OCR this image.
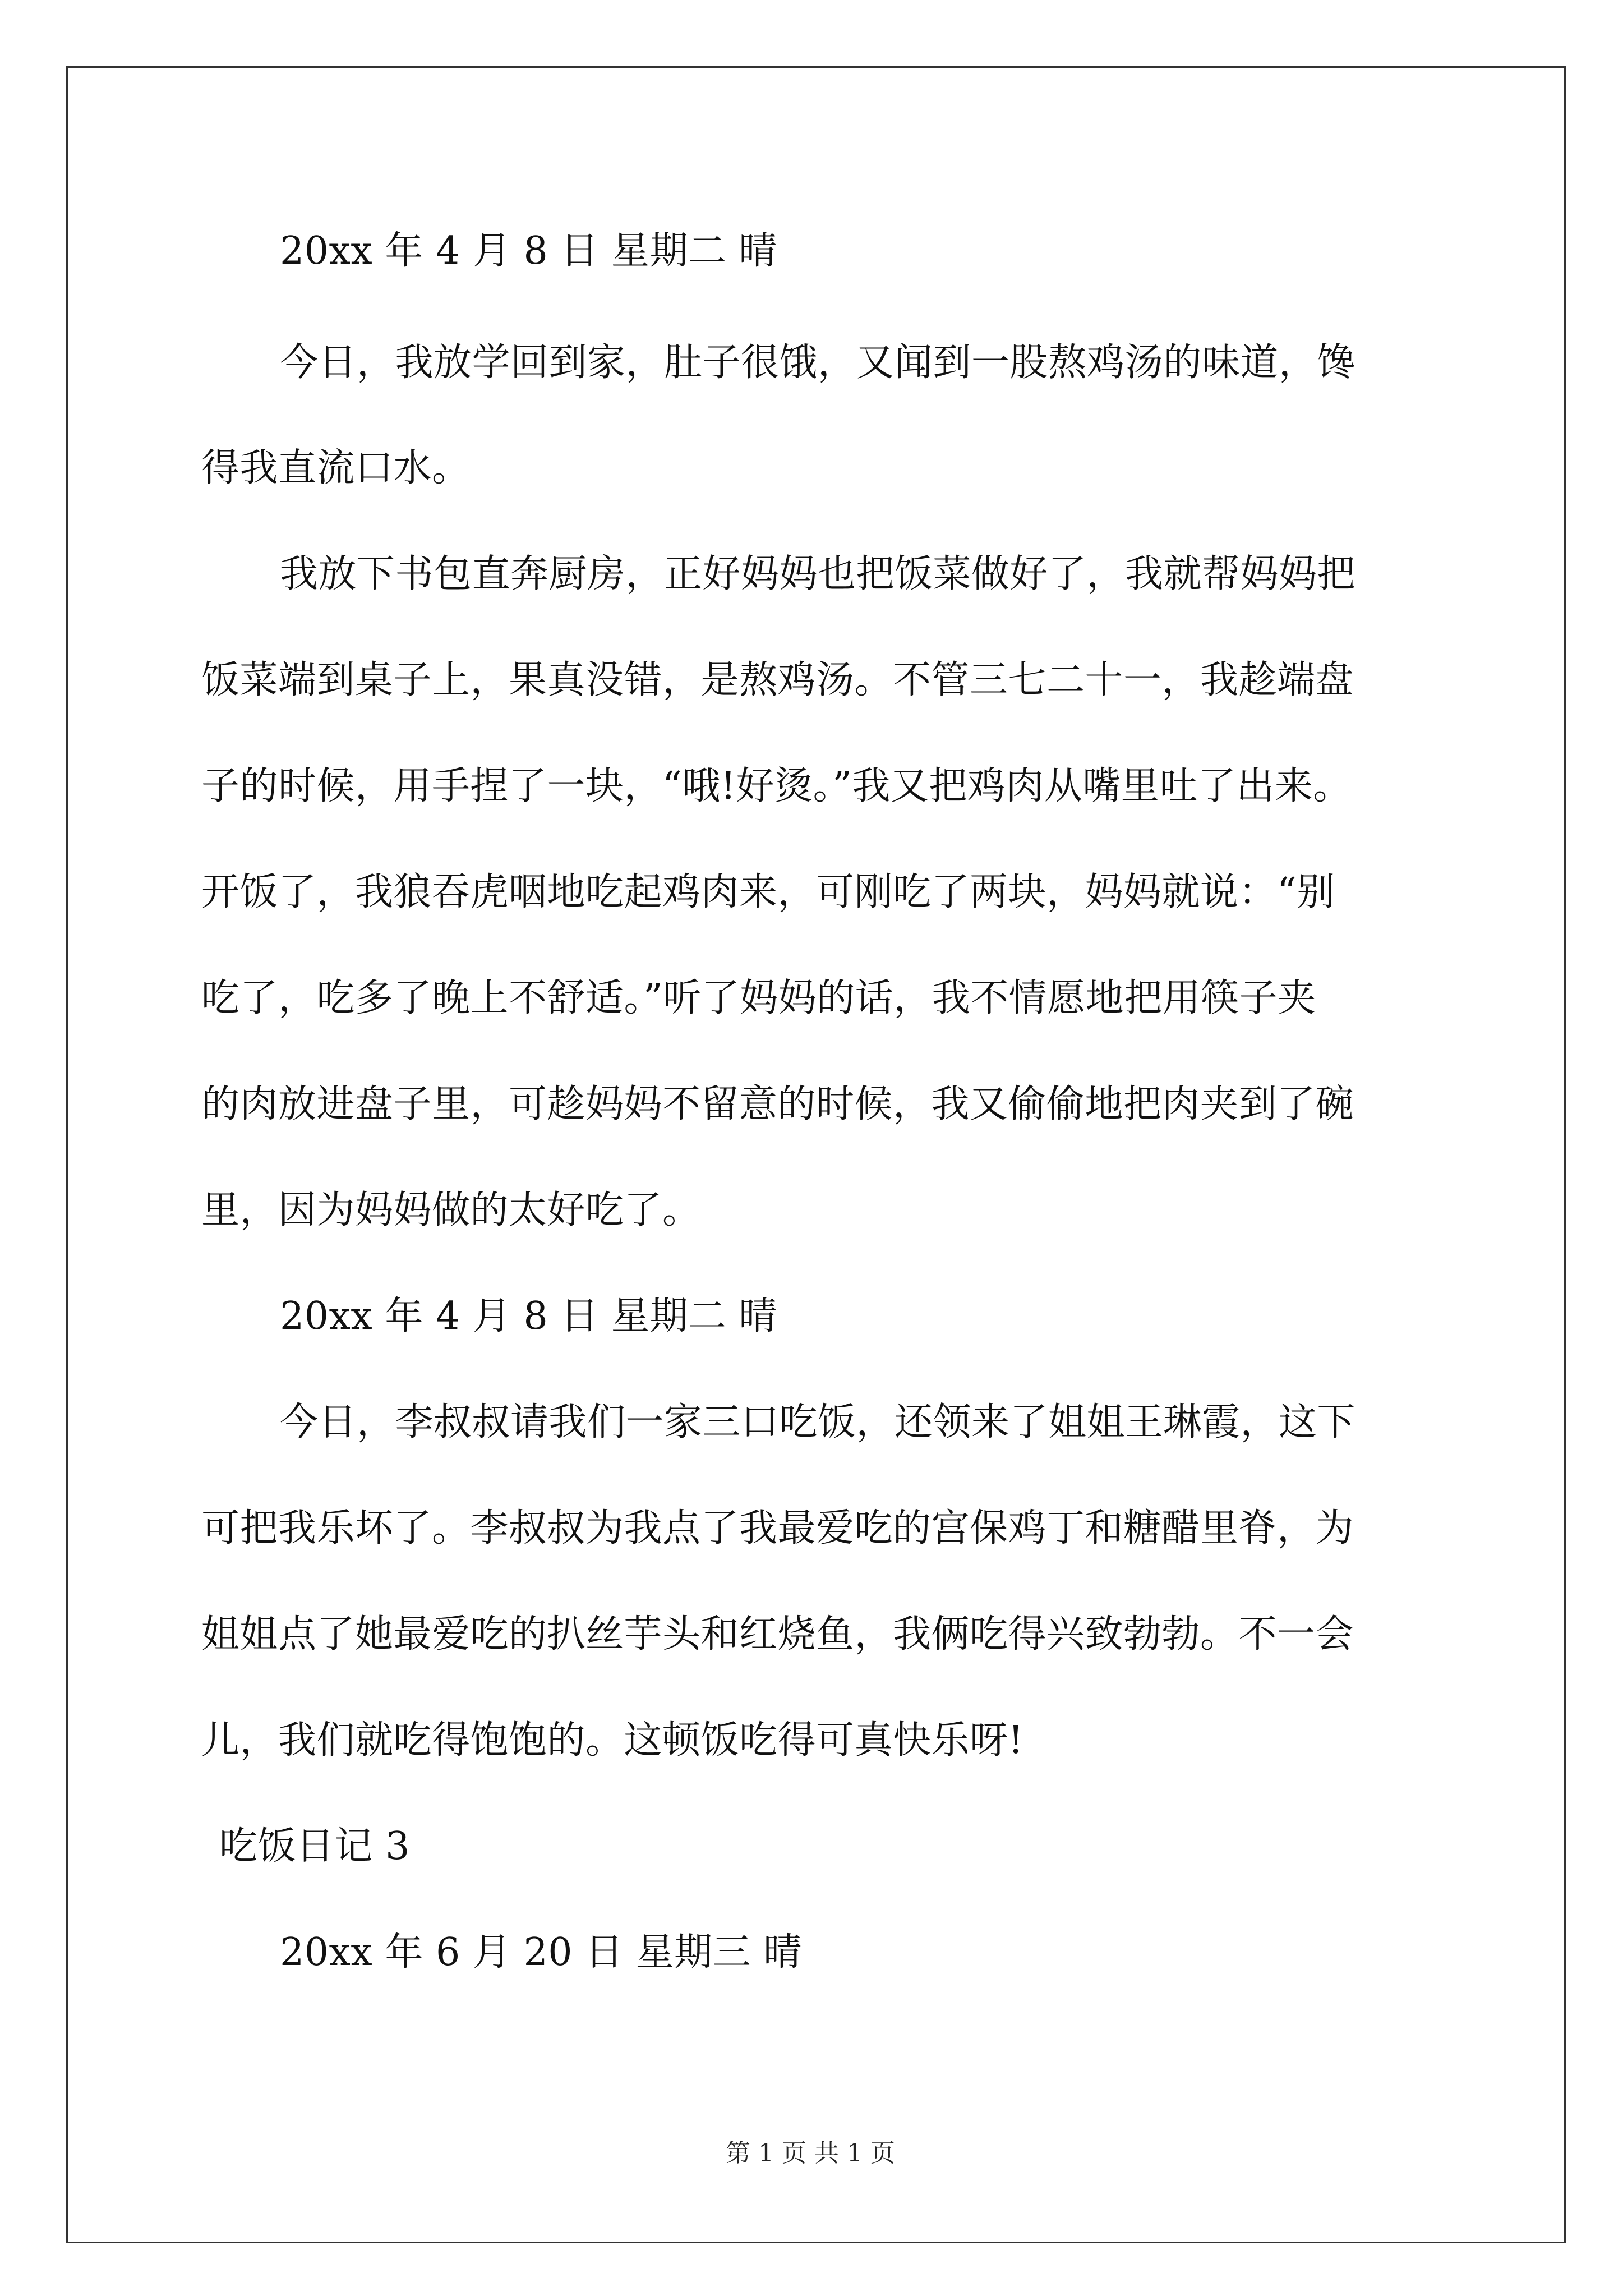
20xx 年 4 月 8 日 星期二 晴
今日，我放学回到家，肚子很饿，又闻到一股熬鸡汤的味道，馋
得我直流口水。
我放下书包直奔厨房，正好妈妈也把饭菜做好了，我就帮妈妈把
饭菜端到桌子上，果真没错，是熬鸡汤。不管三七二十一，我趁端盘
子的时候，用手捏了一块，“哦!好烫。”我又把鸡肉从嘴里吐了出来。
开饭了，我狼吞虎咽地吃起鸡肉来，可刚吃了两块，妈妈就说：“别
吃了，吃多了晚上不舒适。”听了妈妈的话，我不情愿地把用筷子夹
的肉放进盘子里，可趁妈妈不留意的时候，我又偷偷地把肉夹到了碗
里，因为妈妈做的太好吃了。
20xx 年 4 月 8 日 星期二 晴
今日，李叔叔请我们一家三口吃饭，还领来了姐姐王琳霞，这下
可把我乐坏了。李叔叔为我点了我最爱吃的宫保鸡丁和糖醋里脊，为
姐姐点了她最爱吃的扒丝芋头和红烧鱼，我俩吃得兴致勃勃。不一会
儿，我们就吃得饱饱的。这顿饭吃得可真快乐呀!
吃饭日记 3
20xx 年 6 月 20 日 星期三 晴
第 1 页 共 1 页
